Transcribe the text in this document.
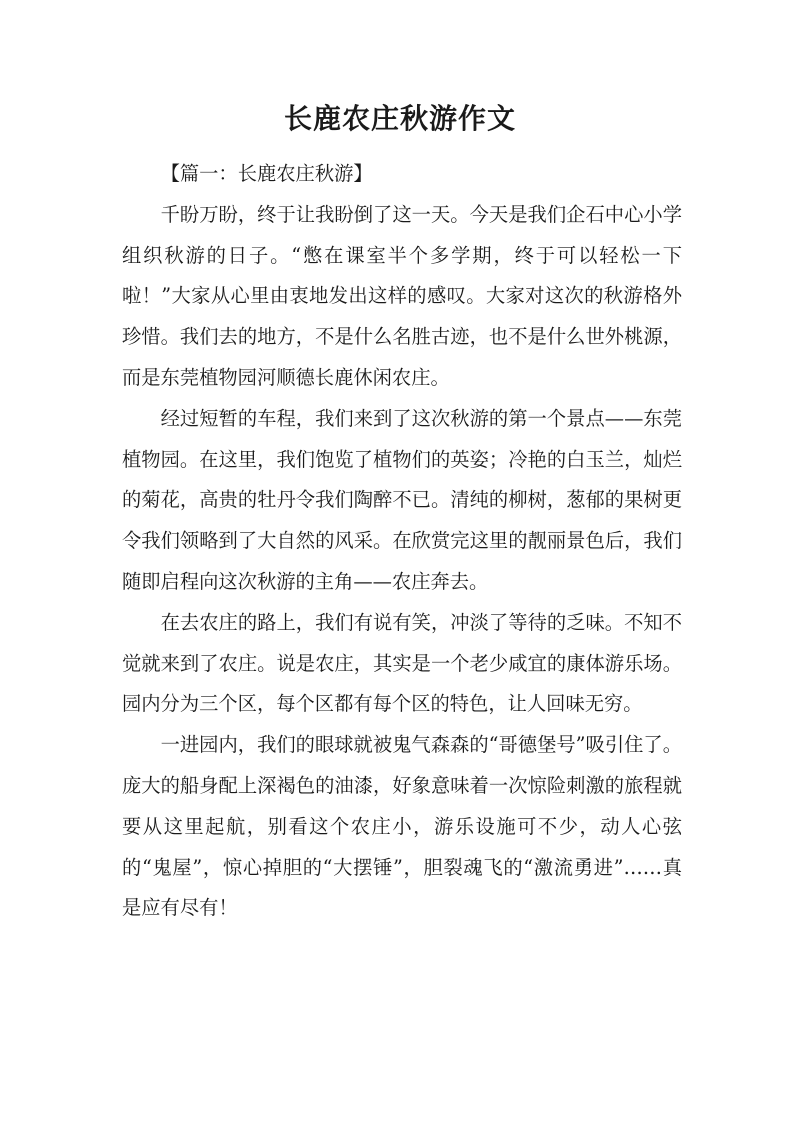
长鹿农庄秋游作文

【篇一：长鹿农庄秋游】

千盼万盼，终于让我盼倒了这一天。今天是我们企石中心小学组织秋游的日子。“憋在课室半个多学期，终于可以轻松一下啦！”大家从心里由衷地发出这样的感叹。大家对这次的秋游格外珍惜。我们去的地方，不是什么名胜古迹，也不是什么世外桃源，而是东莞植物园河顺德长鹿休闲农庄。

经过短暂的车程，我们来到了这次秋游的第一个景点——东莞植物园。在这里，我们饱览了植物们的英姿；冷艳的白玉兰，灿烂的菊花，高贵的牡丹令我们陶醉不已。清纯的柳树，葱郁的果树更令我们领略到了大自然的风采。在欣赏完这里的靓丽景色后，我们随即启程向这次秋游的主角——农庄奔去。

在去农庄的路上，我们有说有笑，冲淡了等待的乏味。不知不觉就来到了农庄。说是农庄，其实是一个老少咸宜的康体游乐场。园内分为三个区，每个区都有每个区的特色，让人回味无穷。

一进园内，我们的眼球就被鬼气森森的“哥德堡号”吸引住了。庞大的船身配上深褐色的油漆，好象意味着一次惊险刺激的旅程就要从这里起航，别看这个农庄小，游乐设施可不少，动人心弦的“鬼屋”，惊心掉胆的“大摆锤”，胆裂魂飞的“激流勇进”……真是应有尽有！
